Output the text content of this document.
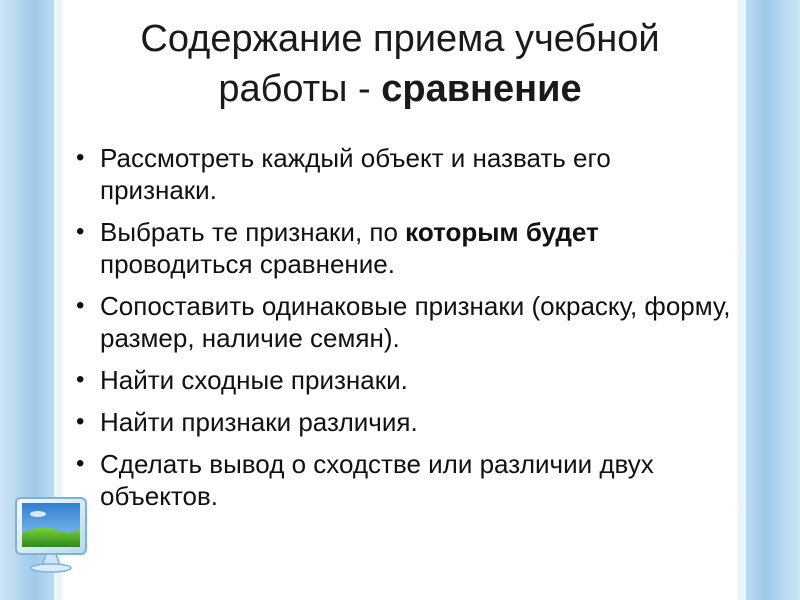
Содержание приема учебной
работы - сравнение
• Рассмотреть каждый объект и назвать его признаки.
• Выбрать те признаки, по которым будет проводиться сравнение.
• Сопоставить одинаковые признаки (окраску, форму, размер, наличие семян).
• Найти сходные признаки.
• Найти признаки различия.
• Сделать вывод о сходстве или различии двух объектов.
